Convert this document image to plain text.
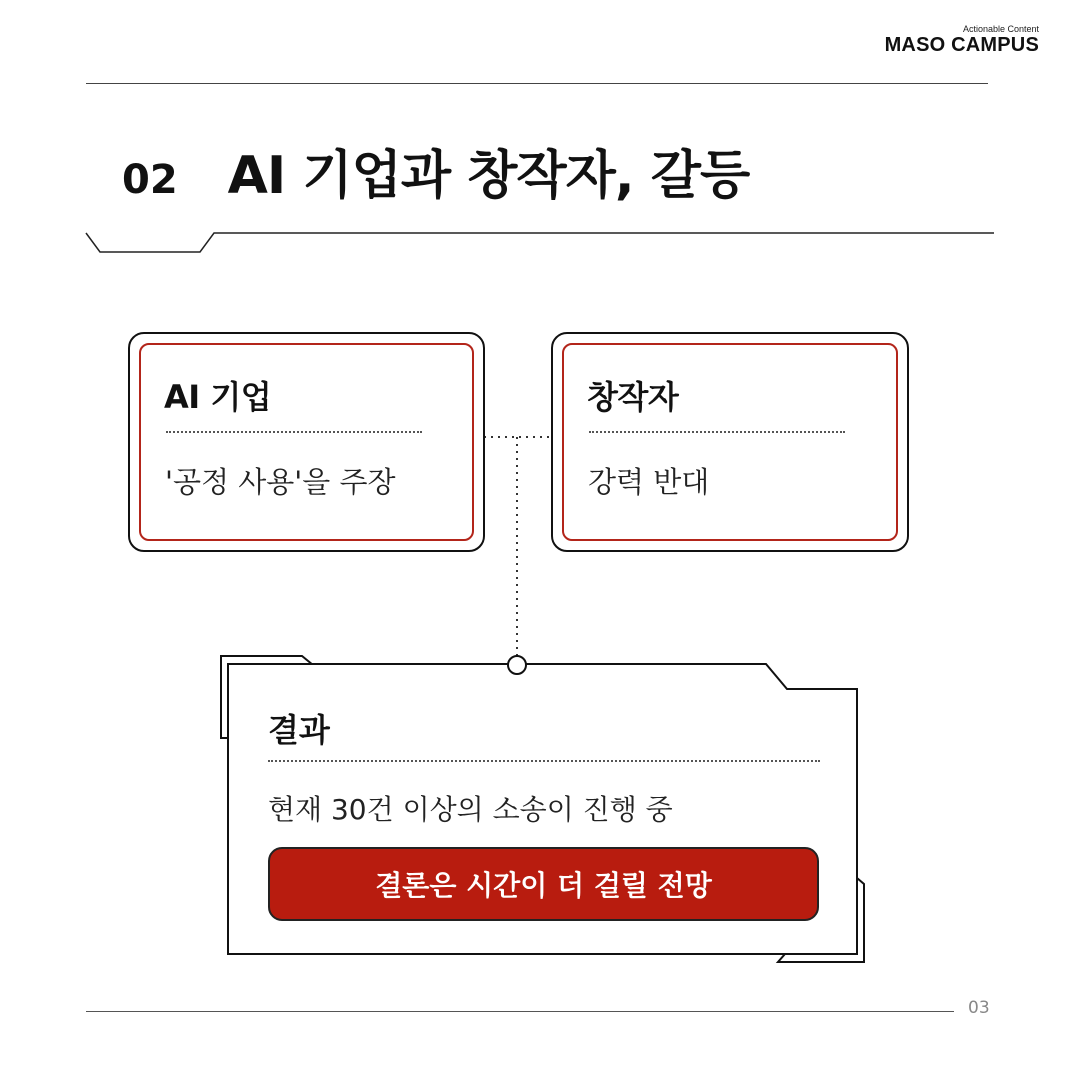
Actionable Content
MASO CAMPUS
02 AI 기업과 창작자, 갈등
AI 기업
'공정 사용'을 주장
창작자
강력 반대
결과
현재 30건 이상의 소송이 진행 중
결론은 시간이 더 걸릴 전망
03
